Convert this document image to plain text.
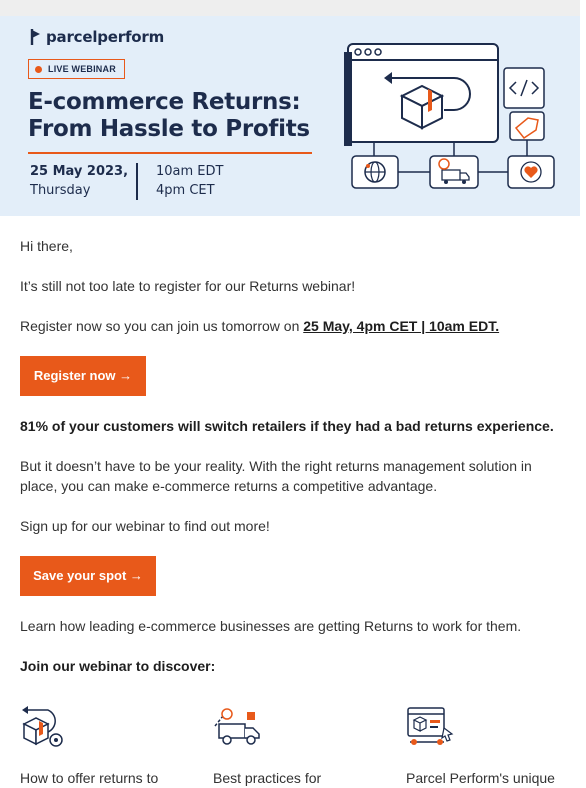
parcelperform
LIVE WEBINAR
E-commerce Returns:
From Hassle to Profits
25 May 2023,
Thursday
10am EDT
4pm CET
Hi there,
It’s still not too late to register for our Returns webinar!
Register now so you can join us tomorrow on 25 May, 4pm CET | 10am EDT.
Register now →
81% of your customers will switch retailers if they had a bad returns experience.
But it doesn’t have to be your reality. With the right returns management solution in place, you can make e-commerce returns a competitive advantage.
Sign up for our webinar to find out more!
Save your spot →
Learn how leading e-commerce businesses are getting Returns to work for them.
Join our webinar to discover:
How to offer returns to	Best practices for	Parcel Perform's unique
